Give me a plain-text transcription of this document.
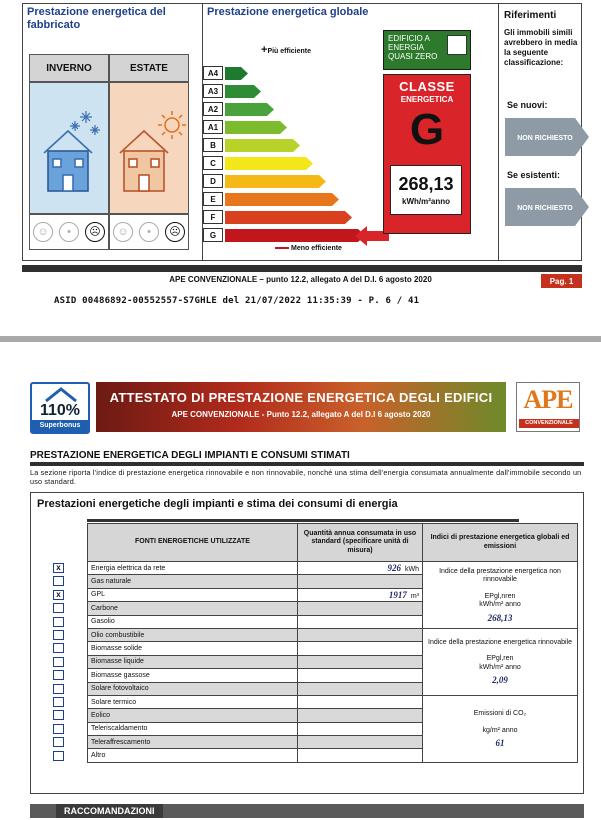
Prestazione energetica del fabbricato
INVERNO	ESTATE
☺	•	☹	☺	•	☹
Prestazione energetica globale
+Più efficiente
A4
A3
A2
A1
B
C
D
E
F
G
Meno efficiente
EDIFICIO A ENERGIA QUASI ZERO
CLASSE
ENERGETICA
G
268,13
kWh/m²anno
Riferimenti
Gli immobili simili avrebbero in media la seguente classificazione:
Se nuovi:
NON RICHIESTO
Se esistenti:
NON RICHIESTO
APE CONVENZIONALE – punto 12.2, allegato A del D.I. 6 agosto 2020	Pag. 1
ASID 00486892-00552557-S7GHLE del 21/07/2022 11:35:39 - P. 6 / 41
110%
Superbonus
ATTESTATO DI PRESTAZIONE ENERGETICA DEGLI EDIFICI
APE CONVENZIONALE - Punto 12.2, allegato A del D.I 6 agosto 2020
APE
CONVENZIONALE
PRESTAZIONE ENERGETICA DEGLI IMPIANTI E CONSUMI STIMATI
La sezione riporta l'indice di prestazione energetica rinnovabile e non rinnovabile, nonché una stima dell'energia consumata annualmente dall'immobile secondo un uso standard.
Prestazioni energetiche degli impianti e stima dei consumi di energia
x
x
FONTI ENERGETICHE UTILIZZATE	Quantità annua consumata in uso standard (specificare unità di misura)	Indici di prestazione energetica globali ed emissioni
Energia elettrica da rete	926 kWh	Indice della prestazione energetica non rinnovabile
EPgl,nren
kWh/m² anno
268,13

Gas naturale		
GPL	1917 m³	
Carbone		
Gasolio		
Olio combustibile		Indice della prestazione energetica rinnovabile
EPgl,ren
kWh/m² anno
2,09

Biomasse solide		
Biomasse liquide		
Biomasse gassose		
Solare fotovoltaico		
Solare termico		Emissioni di CO₂
kg/m² anno
61

Eolico		
Teleriscaldamento		
Teleraffrescamento		
Altro		
RACCOMANDAZIONI
